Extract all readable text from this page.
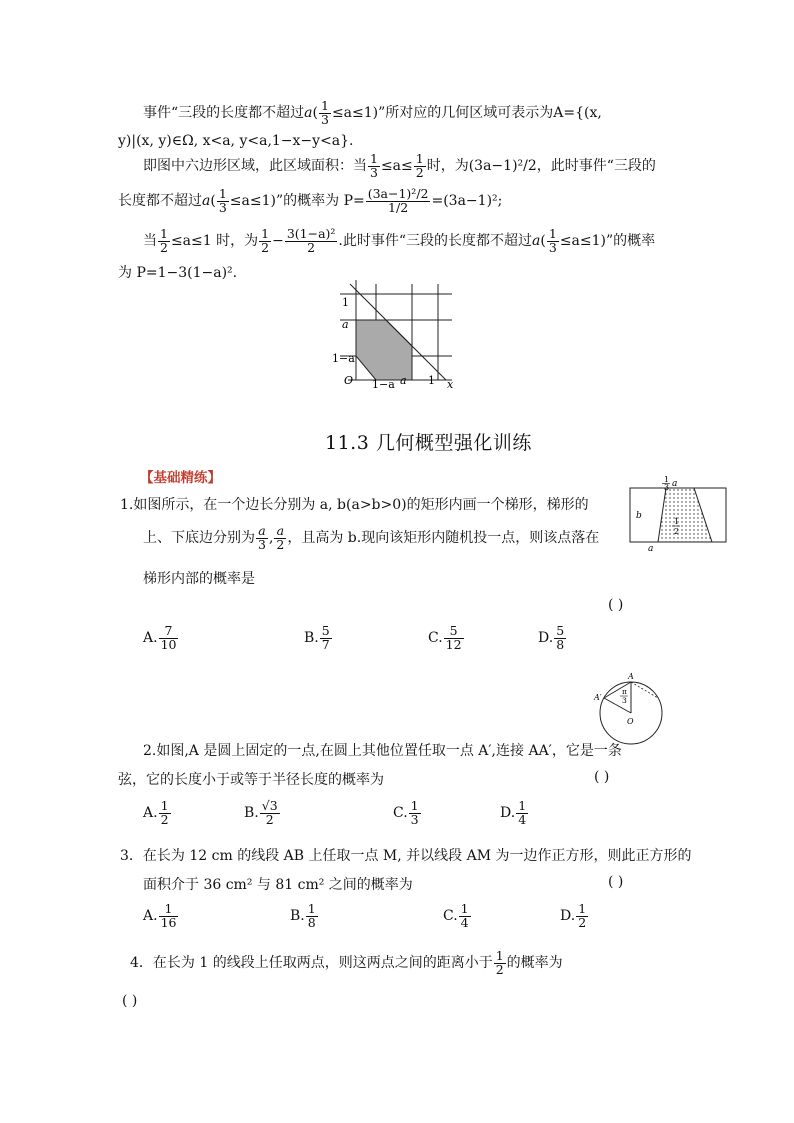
事件“三段的长度都不超过$a( \frac{1}{3} \le a\le 1)$”所对应的几何区域可表示为A={(x,
y)|(x, y)∈Ω, x<a, y<a,1−x−y<a}.
即图中六边形区域，此区域面积：当 $\frac{1}{3} \le a\le \frac{1}{2}$ 时，为(3a−1)²/2，此时事件“三段的
长度都不超过$a( \frac{1}{3} \le a\le 1)$”的概率为 $P= \frac{\text{(3a−1)²/2}}{1/2} =(3a-1)^2$;
当 $\frac{1}{2} \le a\le 1$ 时，为 $\frac{1}{2} - \frac{\text{3(1−a)²}}{2}$ .此时事件“三段的长度都不超过$a( \frac{1}{3} \le a\le 1)$”的概率
为 P=1−3(1−a)².
1
a
1−a
O 1−a a 1 x
11.3 几何概型强化训练
【基础精练】
1.如图所示，在一个边长分别为 a, b(a>b>0)的矩形内画一个梯形，梯形的
上、下底边分别为 $\frac{a}{3}$ , $\frac{a}{2}$ ，且高为 b.现向该矩形内随机投一点，则该点落在
梯形内部的概率是
( )
A. $\frac{7}{10}$	B. $\frac{5}{7}$	C. $\frac{5}{12}$	D. $\frac{5}{8}$
1
3 a
b
1
2
a
A
A′
O
π
3
2.如图,A 是圆上固定的一点,在圆上其他位置任取一点 A′,连接 AA′，它是一条
弦，它的长度小于或等于半径长度的概率为	( )
A. $\frac{1}{2}$	B. $\frac{√3}{2}$	C. $\frac{1}{3}$	D. $\frac{1}{4}$
3．在长为 12 cm 的线段 AB 上任取一点 M, 并以线段 AM 为一边作正方形，则此正方形的
面积介于 36 cm² 与 81 cm² 之间的概率为	( )
A. $\frac{1}{16}$	B. $\frac{1}{8}$	C. $\frac{1}{4}$	D. $\frac{1}{2}$
4．在长为 1 的线段上任取两点，则这两点之间的距离小于 $\frac{1}{2}$ 的概率为
( )
